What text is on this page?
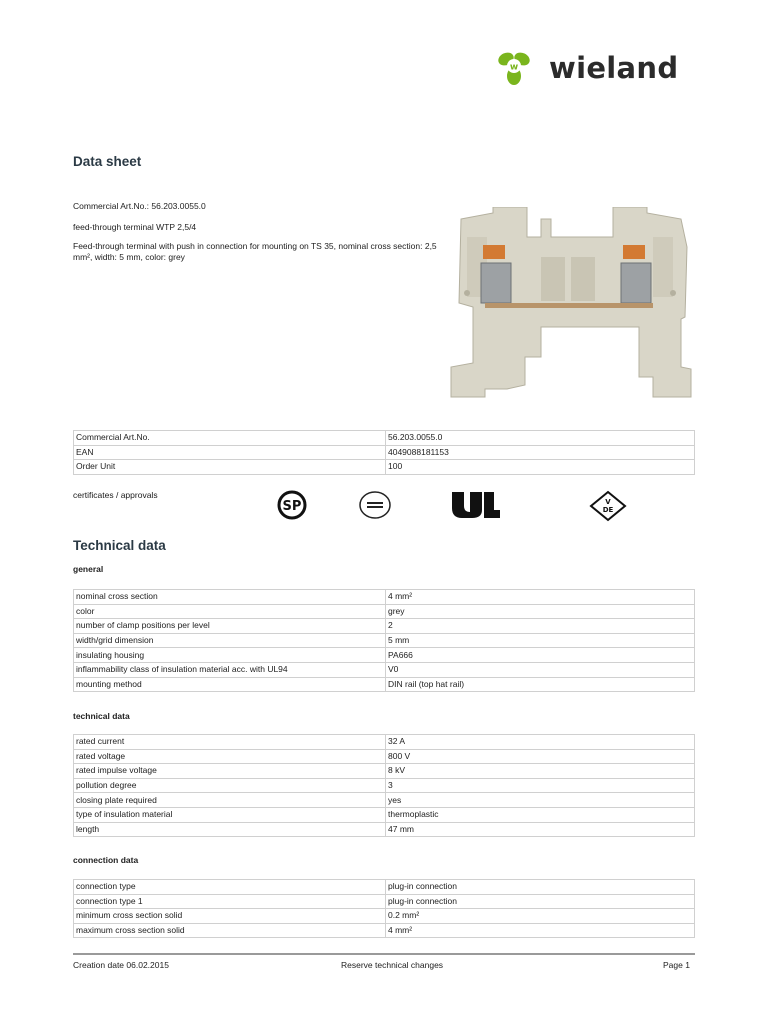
w wieland
Data sheet
Commercial Art.No.: 56.203.0055.0
feed-through terminal WTP 2,5/4
Feed-through terminal with push in connection for mounting on TS 35, nominal cross section: 2,5 mm², width: 5 mm, color: grey
Commercial Art.No.	56.203.0055.0
EAN	4049088181153
Order Unit	100
certificates / approvals
SP	V
DE
Technical data
general
nominal cross section	4 mm²
color	grey
number of clamp positions per level	2
width/grid dimension	5 mm
insulating housing	PA666
inflammability class of insulation material acc. with UL94	V0
mounting method	DIN rail (top hat rail)
technical data
rated current	32 A
rated voltage	800 V
rated impulse voltage	8 kV
pollution degree	3
closing plate required	yes
type of insulation material	thermoplastic
length	47 mm
connection data
connection type	plug-in connection
connection type 1	plug-in connection
minimum cross section solid	0.2 mm²
maximum cross section solid	4 mm²
Creation date 06.02.2015	Reserve technical changes	Page 1
